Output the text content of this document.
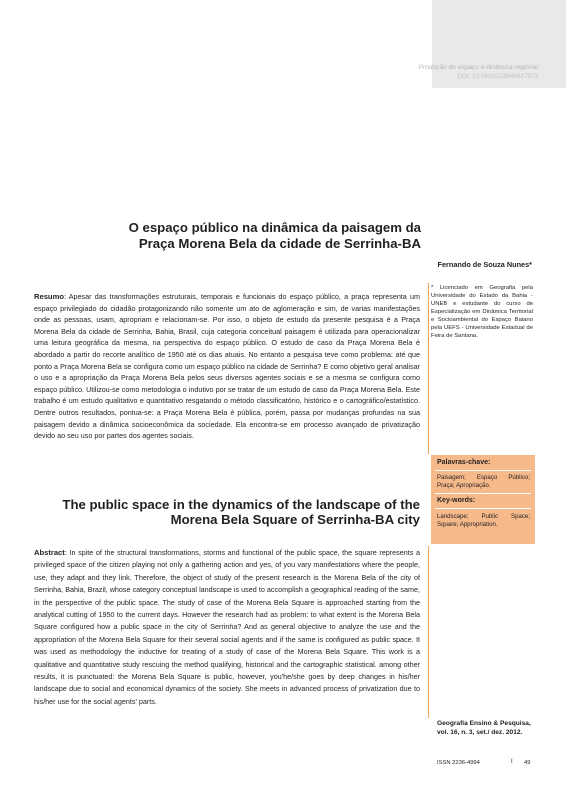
Produção do espaço e dinâmica regional
DOI: 10.5902/2236499X7573
O espaço público na dinâmica da paisagem da
Praça Morena Bela da cidade de Serrinha-BA
Fernando de Souza Nunes*
Resumo: Apesar das transformações estruturais, temporais e funcionais do espaço público, a praça representa um espaço privilegiado do cidadão protagonizando não somente um ato de aglomeração e sim, de varias manifestações onde as pessoas, usam, apropriam e relacionam-se. Por isso, o objeto de estudo da presente pesquisa é a Praça Morena Bela da cidade de Serrinha, Bahia, Brasil, cuja categoria conceitual paisagem é utilizada para operacionalizar uma leitura geográfica da mesma, na perspectiva do espaço público. O estudo de caso da Praça Morena Bela é abordado a partir do recorte analítico de 1950 até os dias atuais. No entanto a pesquisa teve como problema: até que ponto a Praça Morena Bela se configura como um espaço público na cidade de Serrinha? E como objetivo geral analisar o uso e a apropriação da Praça Morena Bela pelos seus diversos agentes sociais e se a mesma se configura como espaço público. Utilizou-se como metodologia o indutivo por se tratar de um estudo de caso da Praça Morena Bela. Este trabalho é um estudo qualitativo e quantitativo resgatando o método classificatório, histórico e o cartográfico/estatístico. Dentre outros resultados, pontua-se: a Praça Morena Bela é pública, porém, passa por mudanças profundas na sua paisagem devido a dinâmica socioeconômica da sociedade. Ela encontra-se em processo avançado de privatização devido ao seu uso por partes dos agentes sociais.
* Licenciado em Geografia pela Universidade do Estado da Bahia - UNEB e estudante do curso de Especialização em Dinâmica Territorial e Socioambiental do Espaço Baiano pela UEFS - Universidade Estadual de Feira de Santana.
Palavras-chave:
Paisagem; Espaço Público; Praça; Apropriação.
Key-words:
Landscape; Public Space; Square; Appropriation.
The public space in the dynamics of the landscape of the
Morena Bela Square of Serrinha-BA city
Abstract: In spite of the structural transformations, storms and functional of the public space, the square represents a privileged space of the citizen playing not only a gathering action and yes, of you vary manifestations where the people, use, they adapt and they link. Therefore, the object of study of the present research is the Morena Bela of the city of Serrinha, Bahia, Brazil, whose category conceptual landscape is used to accomplish a geographical reading of the same, in the perspective of the public space. The study of case of the Morena Bela Square is approached starting from the analytical cutting of 1950 to the current days. However the research had as problem: to what extent is the Morena Bela Square configured how a public space in the city of Serrinha? And as general objective to analyze the use and the appropriation of the Morena Bela Square for their several social agents and if the same is configured as public space. It was used as methodology the inductive for treating of a study of case of the Morena Bela Square. This work is a qualitative and quantitative study rescuing the method qualifying, historical and the cartographic statistical. among other results, it is punctuated: the Morena Bela Square is public, however, you'he/she goes by deep changes in his/her landscape due to social and economical dynamics of the society. She meets in advanced process of privatization due to his/her use for the social agents' parts.
Geografia Ensino & Pesquisa,
vol. 16, n. 3, set./ dez. 2012.
ISSN 2236-4994	I 49
